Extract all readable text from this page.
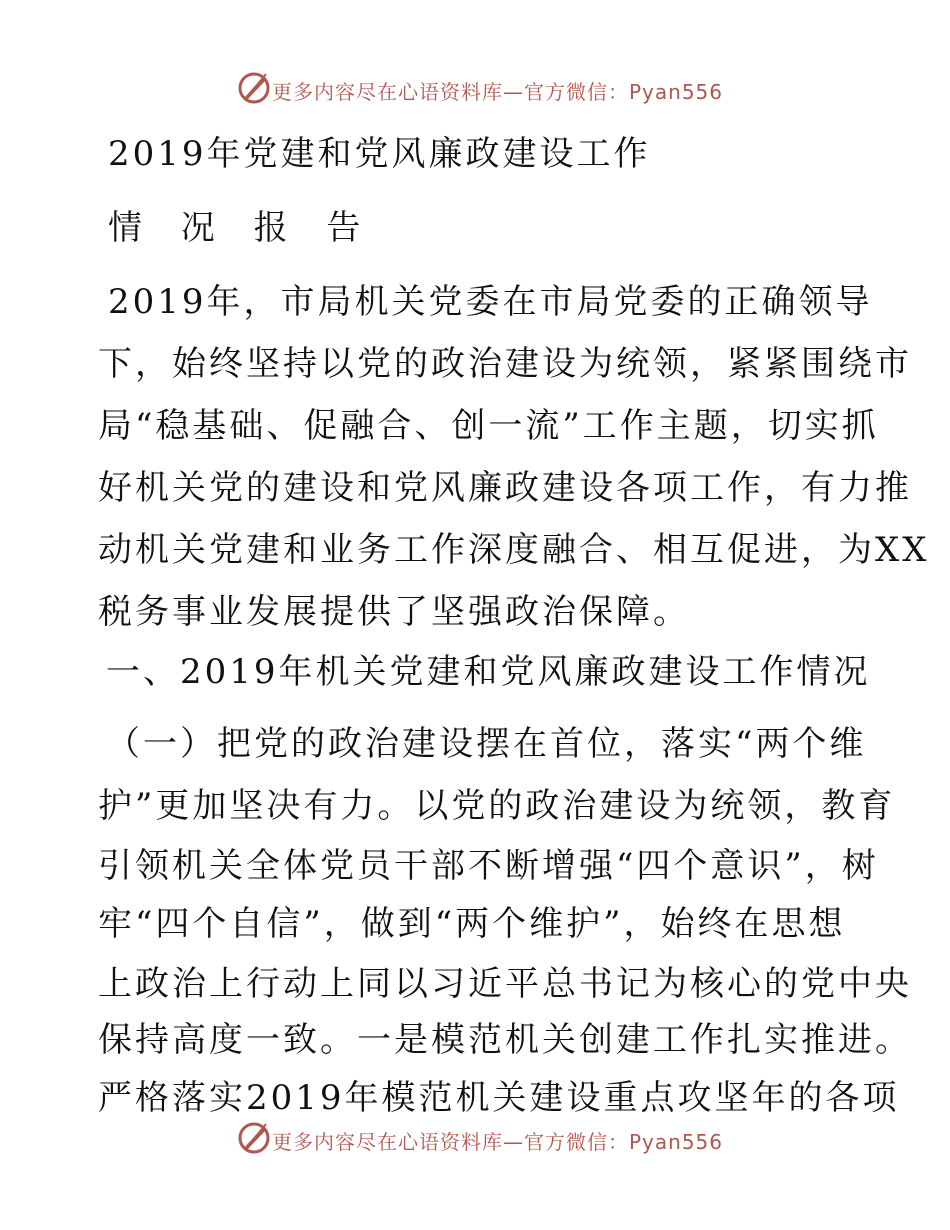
更多内容尽在心语资料库—官方微信：Pyan556
2019年党建和党风廉政建设工作
情 况 报 告
2019年，市局机关党委在市局党委的正确领导
下，始终坚持以党的政治建设为统领，紧紧围绕市
局“稳基础、促融合、创一流”工作主题，切实抓
好机关党的建设和党风廉政建设各项工作，有力推
动机关党建和业务工作深度融合、相互促进，为XX
税务事业发展提供了坚强政治保障。
一、2019年机关党建和党风廉政建设工作情况
（一）把党的政治建设摆在首位，落实“两个维
护”更加坚决有力。以党的政治建设为统领，教育
引领机关全体党员干部不断增强“四个意识”，树
牢“四个自信”，做到“两个维护”，始终在思想
上政治上行动上同以习近平总书记为核心的党中央
保持高度一致。一是模范机关创建工作扎实推进。
严格落实2019年模范机关建设重点攻坚年的各项
更多内容尽在心语资料库—官方微信：Pyan556
